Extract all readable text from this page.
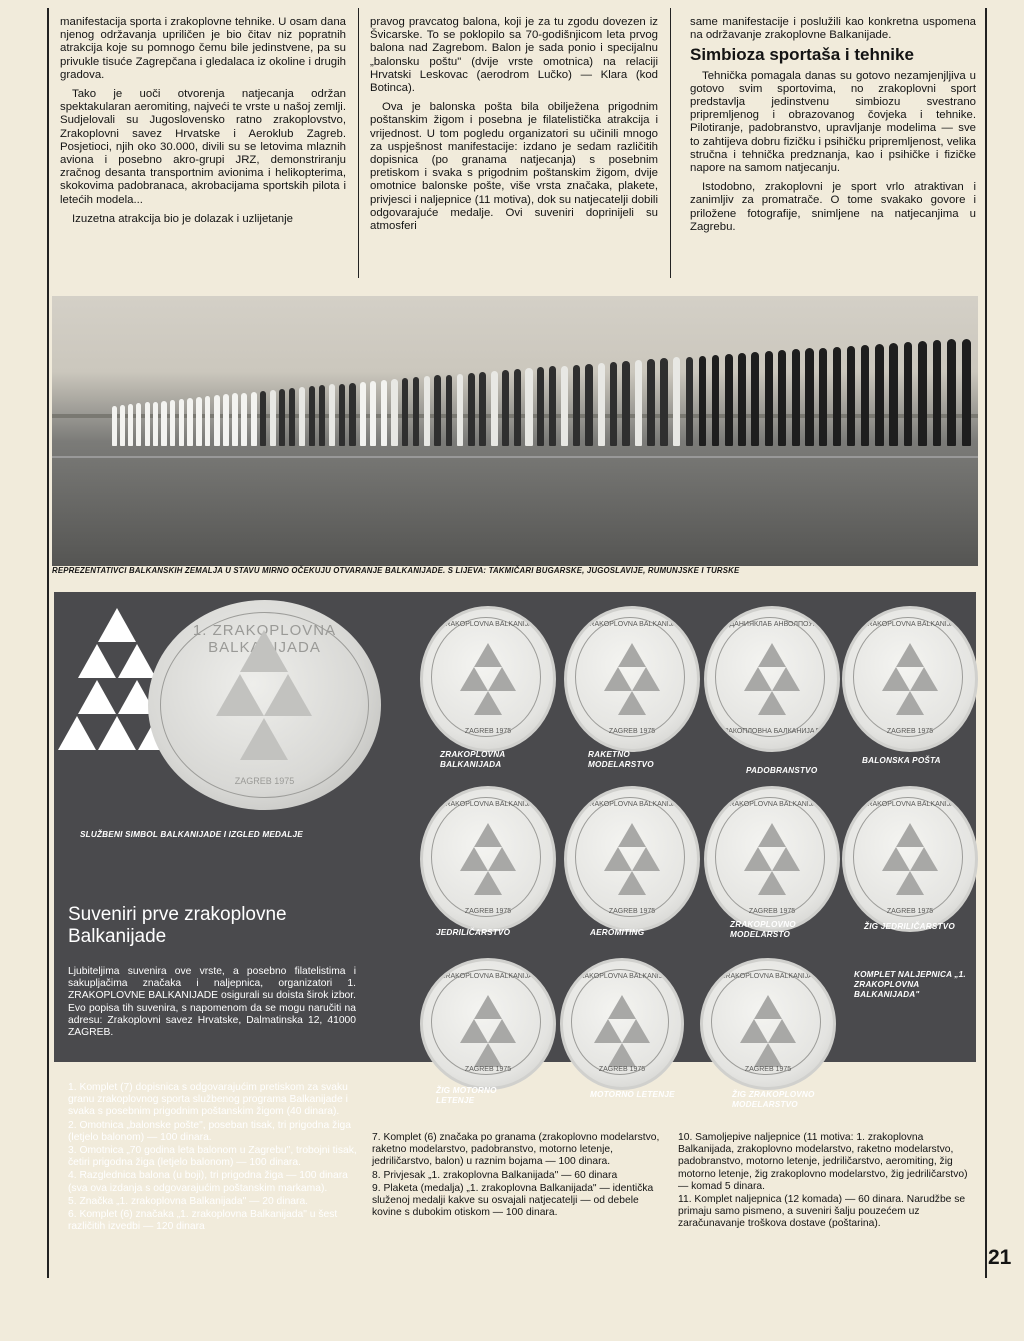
manifestacija sporta i zrakoplovne tehnike. U osam dana njenog održavanja upriličen je bio čitav niz popratnih atrakcija koje su pomnogo čemu bile jedinstvene, pa su privukle tisuće Zagrepčana i gledalaca iz okoline i drugih gradova.

Tako je uoči otvorenja natjecanja održan spektakularan aeromiting, najveći te vrste u našoj zemlji. Sudjelovali su Jugoslovensko ratno zrakoplovstvo, Zrakoplovni savez Hrvatske i Aeroklub Zagreb. Posjetioci, njih oko 30.000, divili su se letovima mlaznih aviona i posebno akro-grupi JRZ, demonstriranju zračnog desanta transportnim avionima i helikopterima, skokovima padobranaca, akrobacijama sportskih pilota i letećih modela...

Izuzetna atrakcija bio je dolazak i uzlijetanje

pravog pravcatog balona, koji je za tu zgodu dovezen iz Švicarske. To se poklopilo sa 70-godišnjicom leta prvog balona nad Zagrebom. Balon je sada ponio i specijalnu „balonsku poštu" (dvije vrste omotnica) na relaciji Hrvatski Leskovac (aerodrom Lučko) — Klara (kod Botinca).

Ova je balonska pošta bila obilježena prigodnim poštanskim žigom i posebna je filatelistička atrakcija i vrijednost. U tom pogledu organizatori su učinili mnogo za uspješnost manifestacije: izdano je sedam različitih dopisnica (po granama natjecanja) s posebnim pretiskom i svaka s prigodnim poštanskim žigom, dvije omotnice balonske pošte, više vrsta značaka, plakete, privjesci i naljepnice (11 motiva), dok su natjecatelji dobili odgovarajuće medalje. Ovi suveniri doprinijeli su atmosferi

same manifestacije i poslužili kao konkretna uspomena na održavanje zrakoplovne Balkanijade.

Simbioza sportaša i tehnike

Tehnička pomagala danas su gotovo nezamjenjljiva u gotovo svim sportovima, no zrakoplovni sport predstavlja jedinstvenu simbiozu svestrano pripremljenog i obrazovanog čovjeka i tehnike. Pilotiranje, padobranstvo, upravljanje modelima — sve to zahtijeva dobru fizičku i psihičku pripremljenost, velika stručna i tehnička predznanja, kao i psihičke i fizičke napore na samom natjecanju.

Istodobno, zrakoplovni je sport vrlo atraktivan i zanimljiv za promatrače. O tome svakako govore i priložene fotografije, snimljene na natjecanjima u Zagrebu.

REPREZENTATIVCI BALKANSKIH ZEMALJA U STAVU MIRNO OČEKUJU OTVARANJE BALKANIJADE. S LIJEVA: TAKMIČARI BUGARSKE, JUGOSLAVIJE, RUMUNJSKE I TURSKE
1. ZRAKOPLOVNA BALKANIJADA
ZAGREB 1975
SLUŽBENI SIMBOL BALKANIJADE I IZGLED MEDALJE
1. ZRAKOPLOVNA BALKANIJADA
ZAGREB 1975
ZRAKOPLOVNA BALKANIJADA
1. ZRAKOPLOVNA BALKANIJADA
ZAGREB 1975
RAKETNO MODELARSTVO
АЖДАНИЯКЛАБ АНВОЛПОУКАЗ
ЗРАКОПЛОВНА БАЛКАНИЈАДА
PADOBRANSTVO
1. ZRAKOPLOVNA BALKANIJADA
ZAGREB 1975
BALONSKA POŠTA
1. ZRAKOPLOVNA BALKANIJADA
ZAGREB 1975
JEDRILIČARSTVO
1. ZRAKOPLOVNA BALKANIJADA
ZAGREB 1975
AEROMITING
1. ZRAKOPLOVNA BALKANIJADA
ZAGREB 1975
ZRAKOPLOVNO MODELARSTO
1. ZRAKOPLOVNA BALKANIJADA
ZAGREB 1975
ŽIG JEDRILIČARSTVO
1. ZRAKOPLOVNA BALKANIJADA
ZAGREB 1975
ŽIG MOTORNO LETENJE
1. ZRAKOPLOVNA BALKANIJADA
ZAGREB 1975
MOTORNO LETENJE
1. ZRAKOPLOVNA BALKANIJADA
ZAGREB 1975
ŽIG ZRAKOPLOVNO MODELARSTVO
KOMPLET NALJEPNICA „1. ZRAKOPLOVNA BALKANIJADA"
Suveniri prve zrakoplovne
Balkanijade
Ljubiteljima suvenira ove vrste, a posebno filatelistima i sakupljačima značaka i naljepnica, organizatori 1. ZRAKOPLOVNE BALKANIJADE osigurali su doista širok izbor. Evo popisa tih suvenira, s napomenom da se mogu naručiti na adresu: Zrakoplovni savez Hrvatske, Dalmatinska 12, 41000 ZAGREB.
1. Komplet (7) dopisnica s odgovarajućim pretiskom za svaku granu zrakoplovnog sporta službenog programa Balkanijade i svaka s posebnim prigodnim poštanskim žigom (40 dinara).
2. Omotnica „balonske pošte", poseban tisak, tri prigodna žiga (letjelo balonom) — 100 dinara.
3. Omotnica „70 godina leta balonom u Zagrebu", trobojni tisak, četiri prigodna žiga (letjelo balonom) — 100 dinara.
4. Razglednica balona (u boji), tri prigodna žiga — 100 dinara (sva ova izdanja s odgovarajućim poštanskim markama).
5. Značka „1. zrakoplovna Balkanijada" — 20 dinara.
6. Komplet (6) značaka „1. zrakoplovna Balkanijada" u šest različitih izvedbi — 120 dinara
7. Komplet (6) značaka po granama (zrakoplovno modelarstvo, raketno modelarstvo, padobranstvo, motorno letenje, jedriličarstvo, balon) u raznim bojama — 100 dinara.
8. Privjesak „1. zrakoplovna Balkanijada" — 60 dinara
9. Plaketa (medalja) „1. zrakoplovna Balkanijada" — identička služenoj medalji kakve su osvajali natjecatelji — od debele kovine s dubokim otiskom — 100 dinara.
10. Samoljepive naljepnice (11 motiva: 1. zrakoplovna Balkanijada, zrakoplovno modelarstvo, raketno modelarstvo, padobranstvo, motorno letenje, jedriličarstvo, aeromiting, žig motorno letenje, žig zrakoplovno modelarstvo, žig jedriličarstvo) — komad 5 dinara.
11. Komplet naljepnica (12 komada) — 60 dinara. Narudžbe se primaju samo pismeno, a suveniri šalju pouzećem uz zaračunavanje troškova dostave (poštarina).
21
